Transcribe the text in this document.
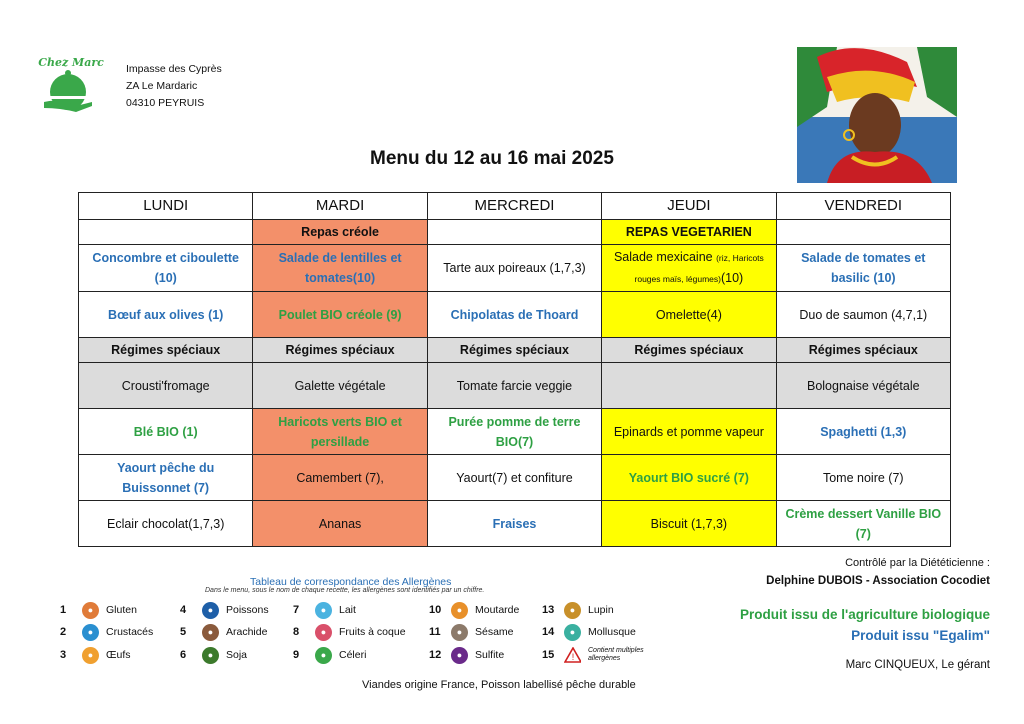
Chez Marc Impasse des Cyprès
ZA Le Mardaric
04310 PEYRUIS
Menu du 12 au 16 mai 2025
LUNDI	MARDI	MERCREDI	JEUDI	VENDREDI
	Repas créole		REPAS VEGETARIEN	
Concombre et ciboulette (10)	Salade de lentilles et tomates(10)	Tarte aux poireaux (1,7,3)	Salade mexicaine (riz, Haricots rouges maïs, légumes)(10)	Salade de tomates et basilic (10)
Bœuf aux olives (1)	Poulet BIO créole (9)	Chipolatas de Thoard	Omelette(4)	Duo de saumon (4,7,1)
Régimes spéciaux	Régimes spéciaux	Régimes spéciaux	Régimes spéciaux	Régimes spéciaux
Crousti'fromage	Galette végétale	Tomate farcie veggie		Bolognaise végétale
Blé BIO (1)	Haricots verts BIO et persillade	Purée pomme de terre BIO(7)	Epinards et pomme vapeur	Spaghetti (1,3)
Yaourt pêche du Buissonnet (7)	Camembert (7),	Yaourt(7) et confiture	Yaourt BIO sucré (7)	Tome noire (7)
Eclair chocolat(1,7,3)	Ananas	Fraises	Biscuit (1,7,3)	Crème dessert Vanille BIO (7)
Tableau de correspondance des Allergènes
Dans le menu, sous le nom de chaque recette, les allergènes sont identifiés par un chiffre.
1	●	Gluten
2	●	Crustacés
3	●	Œufs
4	●	Poissons
5	●	Arachide
6	●	Soja
7	●	Lait
8	●	Fruits à coque
9	●	Céleri
10	●	Moutarde
11	●	Sésame
12	●	Sulfite
13	●	Lupin
14	●	Mollusque
15	!
Contient multiples allergènes
Viandes origine France, Poisson labellisé pêche durable
Contrôlé par la Diététicienne :
Delphine DUBOIS - Association Cocodiet
Produit issu de l'agriculture biologique
Produit issu "Egalim"
Marc CINQUEUX, Le gérant
